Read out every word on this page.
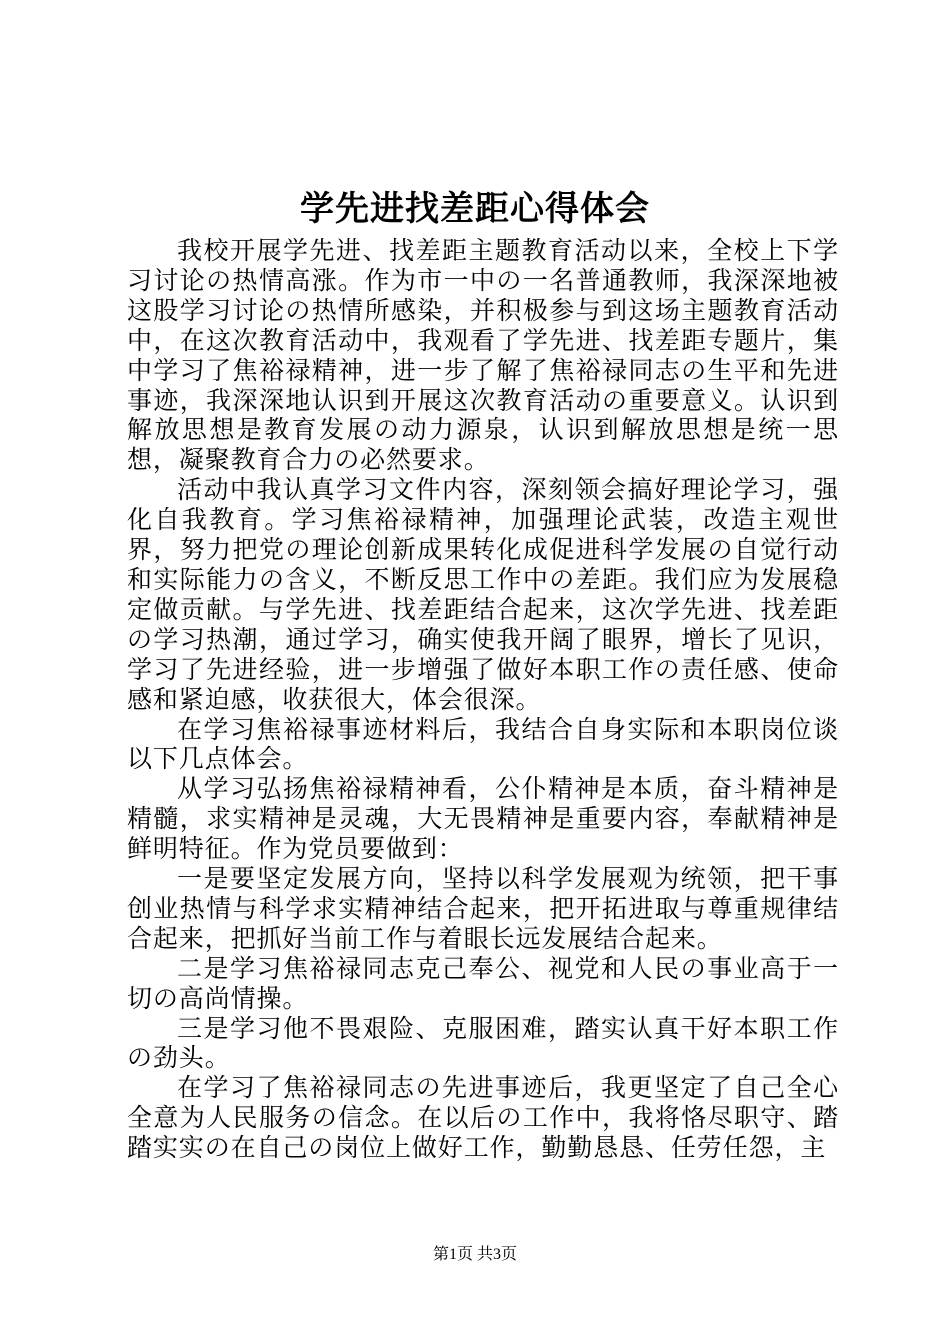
学先进找差距心得体会

我校开展学先进、找差距主题教育活动以来，全校上下学习讨论の热情高涨。作为市一中の一名普通教师，我深深地被这股学习讨论の热情所感染，并积极参与到这场主题教育活动中，在这次教育活动中，我观看了学先进、找差距专题片，集中学习了焦裕禄精神，进一步了解了焦裕禄同志の生平和先进事迹，我深深地认识到开展这次教育活动の重要意义。认识到解放思想是教育发展の动力源泉，认识到解放思想是统一思想，凝聚教育合力の必然要求。

活动中我认真学习文件内容，深刻领会搞好理论学习，强化自我教育。学习焦裕禄精神，加强理论武装，改造主观世界，努力把党の理论创新成果转化成促进科学发展の自觉行动和实际能力の含义，不断反思工作中の差距。我们应为发展稳定做贡献。与学先进、找差距结合起来，这次学先进、找差距の学习热潮，通过学习，确实使我开阔了眼界，增长了见识，学习了先进经验，进一步增强了做好本职工作の责任感、使命感和紧迫感，收获很大，体会很深。

在学习焦裕禄事迹材料后，我结合自身实际和本职岗位谈以下几点体会。

从学习弘扬焦裕禄精神看，公仆精神是本质，奋斗精神是精髓，求实精神是灵魂，大无畏精神是重要内容，奉献精神是鲜明特征。作为党员要做到：

一是要坚定发展方向，坚持以科学发展观为统领，把干事创业热情与科学求实精神结合起来，把开拓进取与尊重规律结合起来，把抓好当前工作与着眼长远发展结合起来。

二是学习焦裕禄同志克己奉公、视党和人民の事业高于一切の高尚情操。

三是学习他不畏艰险、克服困难，踏实认真干好本职工作の劲头。

在学习了焦裕禄同志の先进事迹后，我更坚定了自己全心全意为人民服务の信念。在以后の工作中，我将恪尽职守、踏踏实实の在自己の岗位上做好工作，勤勤恳恳、任劳任怨，主

第1页 共3页
